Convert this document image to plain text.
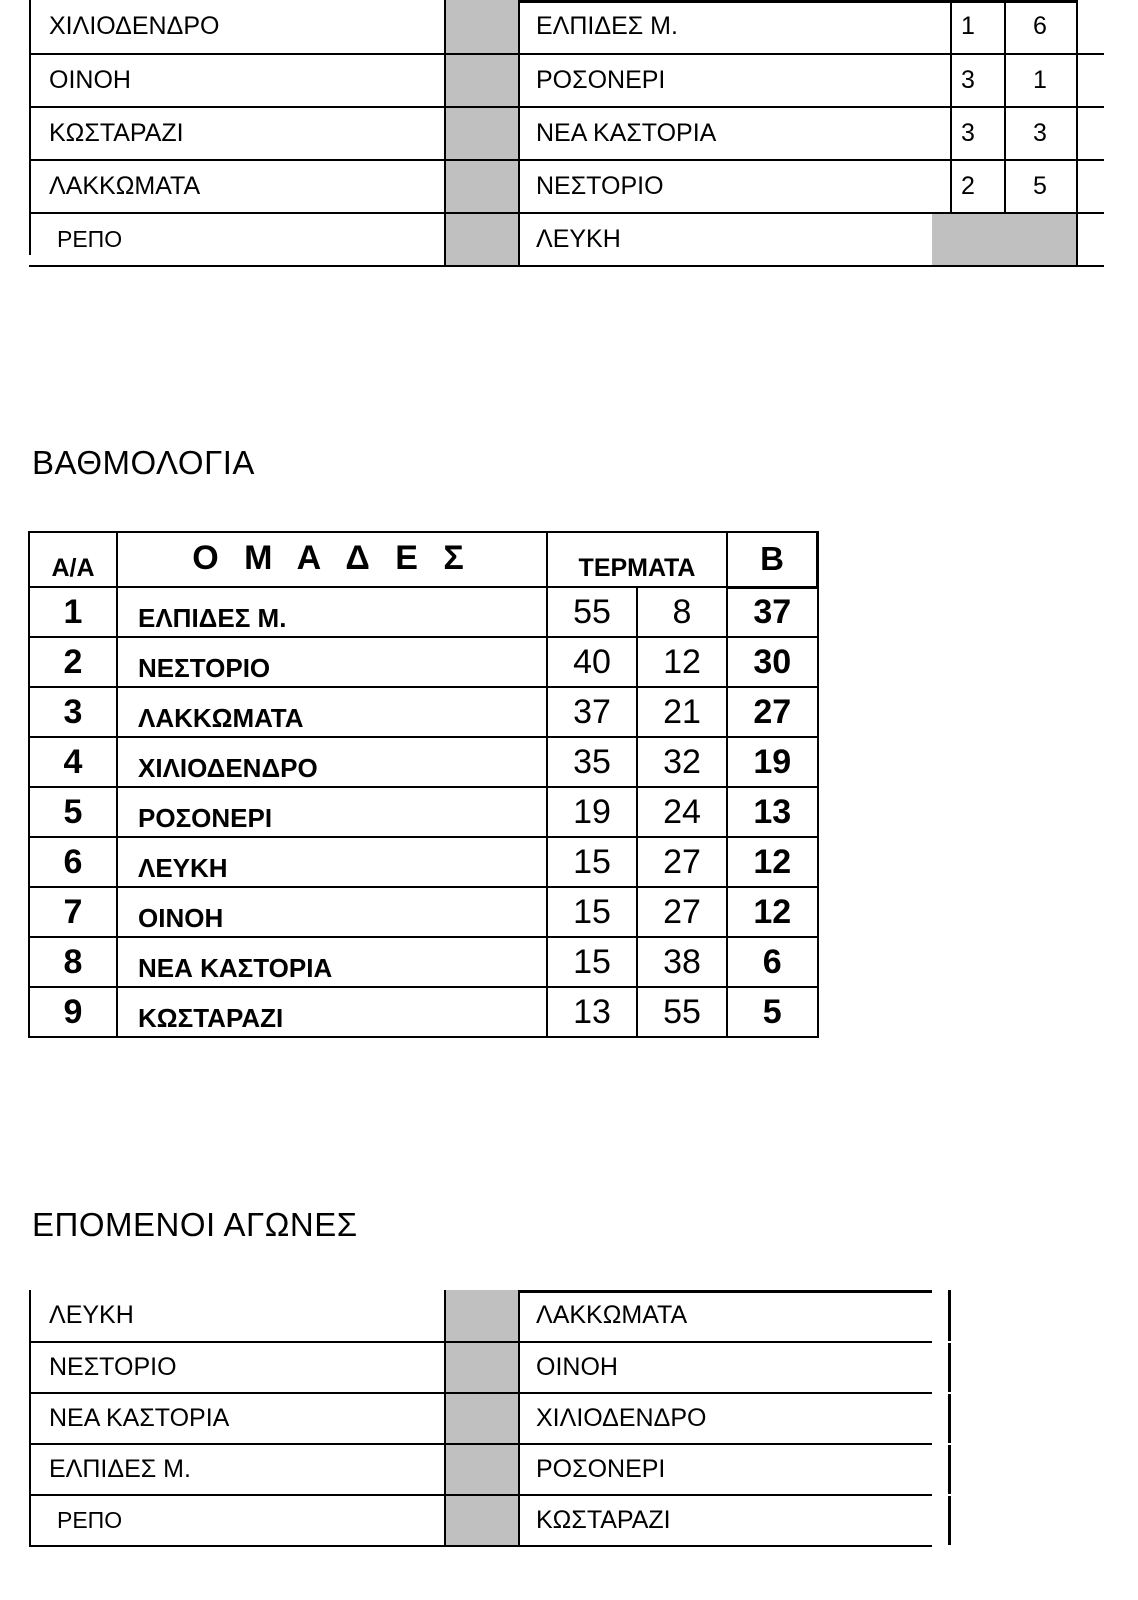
ΧΙΛΙΟΔΕΝΔΡΟ	ΕΛΠΙΔΕΣ Μ.	1	6
ΟΙΝΟΗ	ΡΟΣΟΝΕΡΙ	3	1
ΚΩΣΤΑΡΑΖΙ	ΝΕΑ ΚΑΣΤΟΡΙΑ	3	3
ΛΑΚΚΩΜΑΤΑ	ΝΕΣΤΟΡΙΟ	2	5
ΡΕΠΟ	ΛΕΥΚΗ
ΒΑΘΜΟΛΟΓΙΑ
Α/Α	Ο Μ Α Δ Ε Σ	ΤΕΡΜΑΤΑ		Β
1	ΕΛΠΙΔΕΣ Μ.	55	8	37
2	ΝΕΣΤΟΡΙΟ	40	12	30
3	ΛΑΚΚΩΜΑΤΑ	37	21	27
4	ΧΙΛΙΟΔΕΝΔΡΟ	35	32	19
5	ΡΟΣΟΝΕΡΙ	19	24	13
6	ΛΕΥΚΗ	15	27	12
7	ΟΙΝΟΗ	15	27	12
8	ΝΕΑ ΚΑΣΤΟΡΙΑ	15	38	6
9	ΚΩΣΤΑΡΑΖΙ	13	55	5
ΕΠΟΜΕΝΟΙ ΑΓΩΝΕΣ
ΛΕΥΚΗ	ΛΑΚΚΩΜΑΤΑ
ΝΕΣΤΟΡΙΟ	ΟΙΝΟΗ
ΝΕΑ ΚΑΣΤΟΡΙΑ	ΧΙΛΙΟΔΕΝΔΡΟ
ΕΛΠΙΔΕΣ Μ.	ΡΟΣΟΝΕΡΙ
ΡΕΠΟ	ΚΩΣΤΑΡΑΖΙ
